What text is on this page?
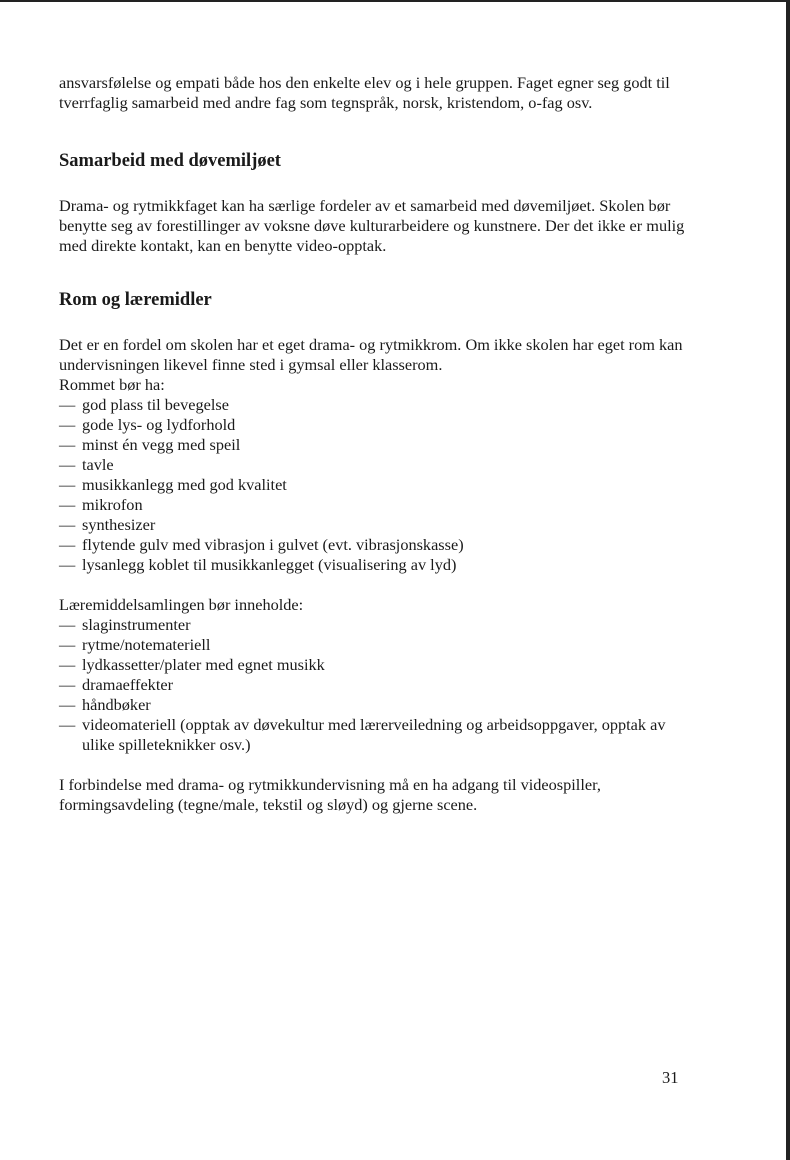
ansvarsfølelse og empati både hos den enkelte elev og i hele gruppen. Faget egner seg godt til tverrfaglig samarbeid med andre fag som tegnspråk, norsk, kristendom, o-fag osv.

Samarbeid med døvemiljøet

Drama- og rytmikkfaget kan ha særlige fordeler av et samarbeid med døvemiljøet. Skolen bør benytte seg av forestillinger av voksne døve kulturarbeidere og kunstnere. Der det ikke er mulig med direkte kontakt, kan en benytte video-opptak.

Rom og læremidler

Det er en fordel om skolen har et eget drama- og rytmikkrom. Om ikke skolen har eget rom kan undervisningen likevel finne sted i gymsal eller klasserom.

Rommet bør ha:

— god plass til bevegelse
— gode lys- og lydforhold
— minst én vegg med speil
— tavle
— musikkanlegg med god kvalitet
— mikrofon
— synthesizer
— flytende gulv med vibrasjon i gulvet (evt. vibrasjonskasse)
— lysanlegg koblet til musikkanlegget (visualisering av lyd)

Læremiddelsamlingen bør inneholde:

— slaginstrumenter
— rytme/notemateriell
— lydkassetter/plater med egnet musikk
— dramaeffekter
— håndbøker
— videomateriell (opptak av døvekultur med lærerveiledning og arbeidsoppgaver, opptak av ulike spilleteknikker osv.)

I forbindelse med drama- og rytmikkundervisning må en ha adgang til videospiller, formingsavdeling (tegne/male, tekstil og sløyd) og gjerne scene.

31
